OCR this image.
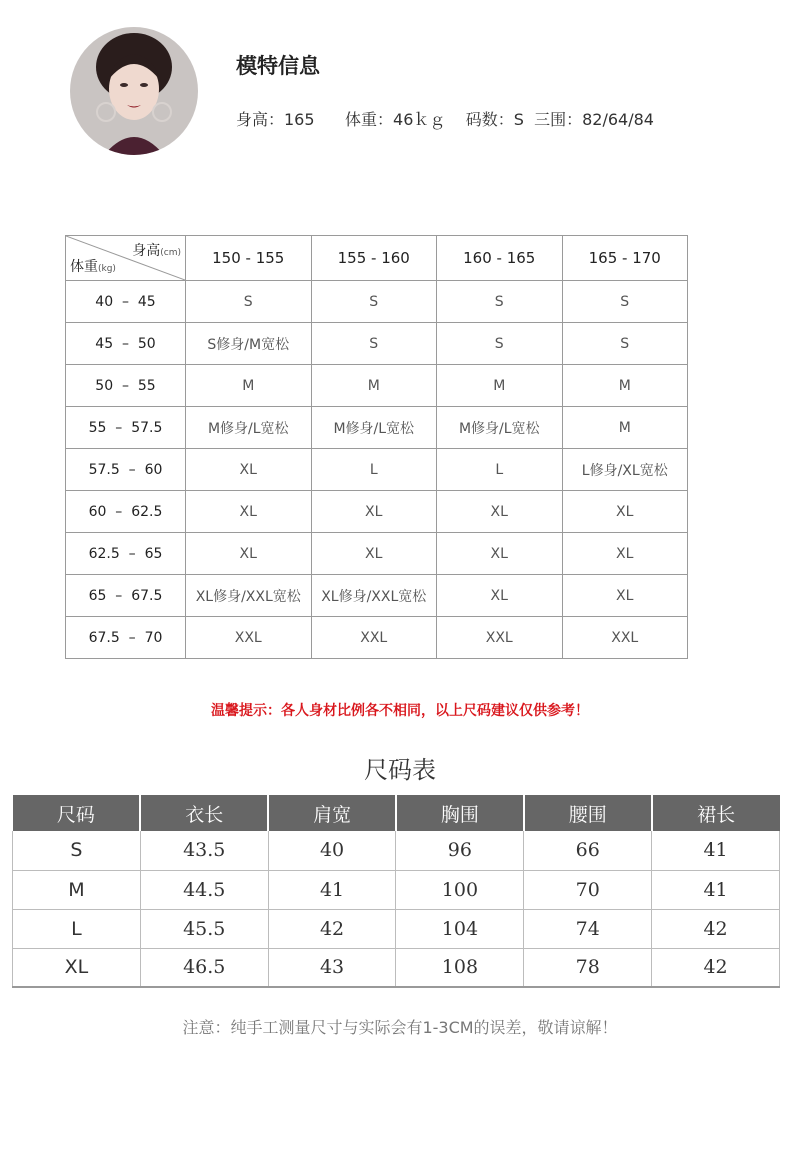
模特信息
身高：165      体重：46ｋｇ    码数：S  三围：82/64/84
身高(cm)
体重(kg)	150 - 155	155 - 160	160 - 165	165 - 170
40  –  45	S	S	S	S
45  –  50	S修身/M宽松	S	S	S
50  –  55	M	M	M	M
55  –  57.5	M修身/L宽松	M修身/L宽松	M修身/L宽松	M
57.5  –  60	XL	L	L	L修身/XL宽松
60  –  62.5	XL	XL	XL	XL
62.5  –  65	XL	XL	XL	XL
65  –  67.5	XL修身/XXL宽松	XL修身/XXL宽松	XL	XL
67.5  –  70	XXL	XXL	XXL	XXL
温馨提示：各人身材比例各不相同，以上尺码建议仅供参考！
尺码表
尺码	衣长	肩宽	胸围	腰围	裙长
S	43.5	40	96	66	41
M	44.5	41	100	70	41
L	45.5	42	104	74	42
XL	46.5	43	108	78	42
注意：纯手工测量尺寸与实际会有1-3CM的误差，敬请谅解！
